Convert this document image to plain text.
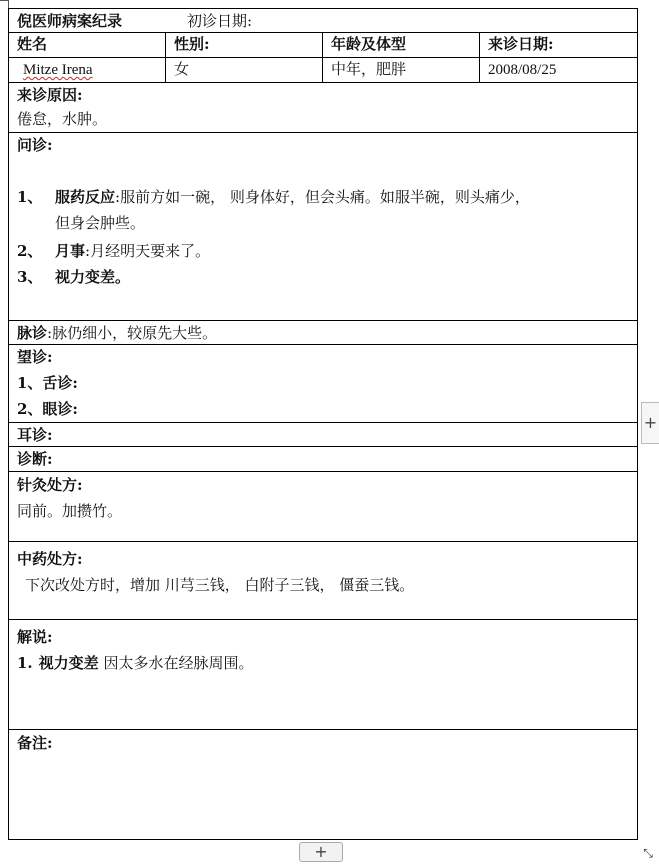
倪医师病案纪录	初诊日期:
姓名	性别:	年龄及体型	来诊日期:
Mitze Irena	女	中年，肥胖	2008/08/25
来诊原因:
倦怠，水肿。
问诊:
1、 服药反应:服前方如一碗， 则身体好，但会头痛。如服半碗，则头痛少，
但身会肿些。
2、 月事:月经明天要来了。
3、 视力变差。
脉诊:脉仍细小，较原先大些。
望诊:
1、舌诊:
2、眼诊:
耳诊:
诊断:
针灸处方:
同前。加攒竹。
中药处方:
下次改处方时，增加 川芎三钱， 白附子三钱， 僵蚕三钱。
解说:
1. 视力变差 因太多水在经脉周围。
备注:
+
+	⤡
